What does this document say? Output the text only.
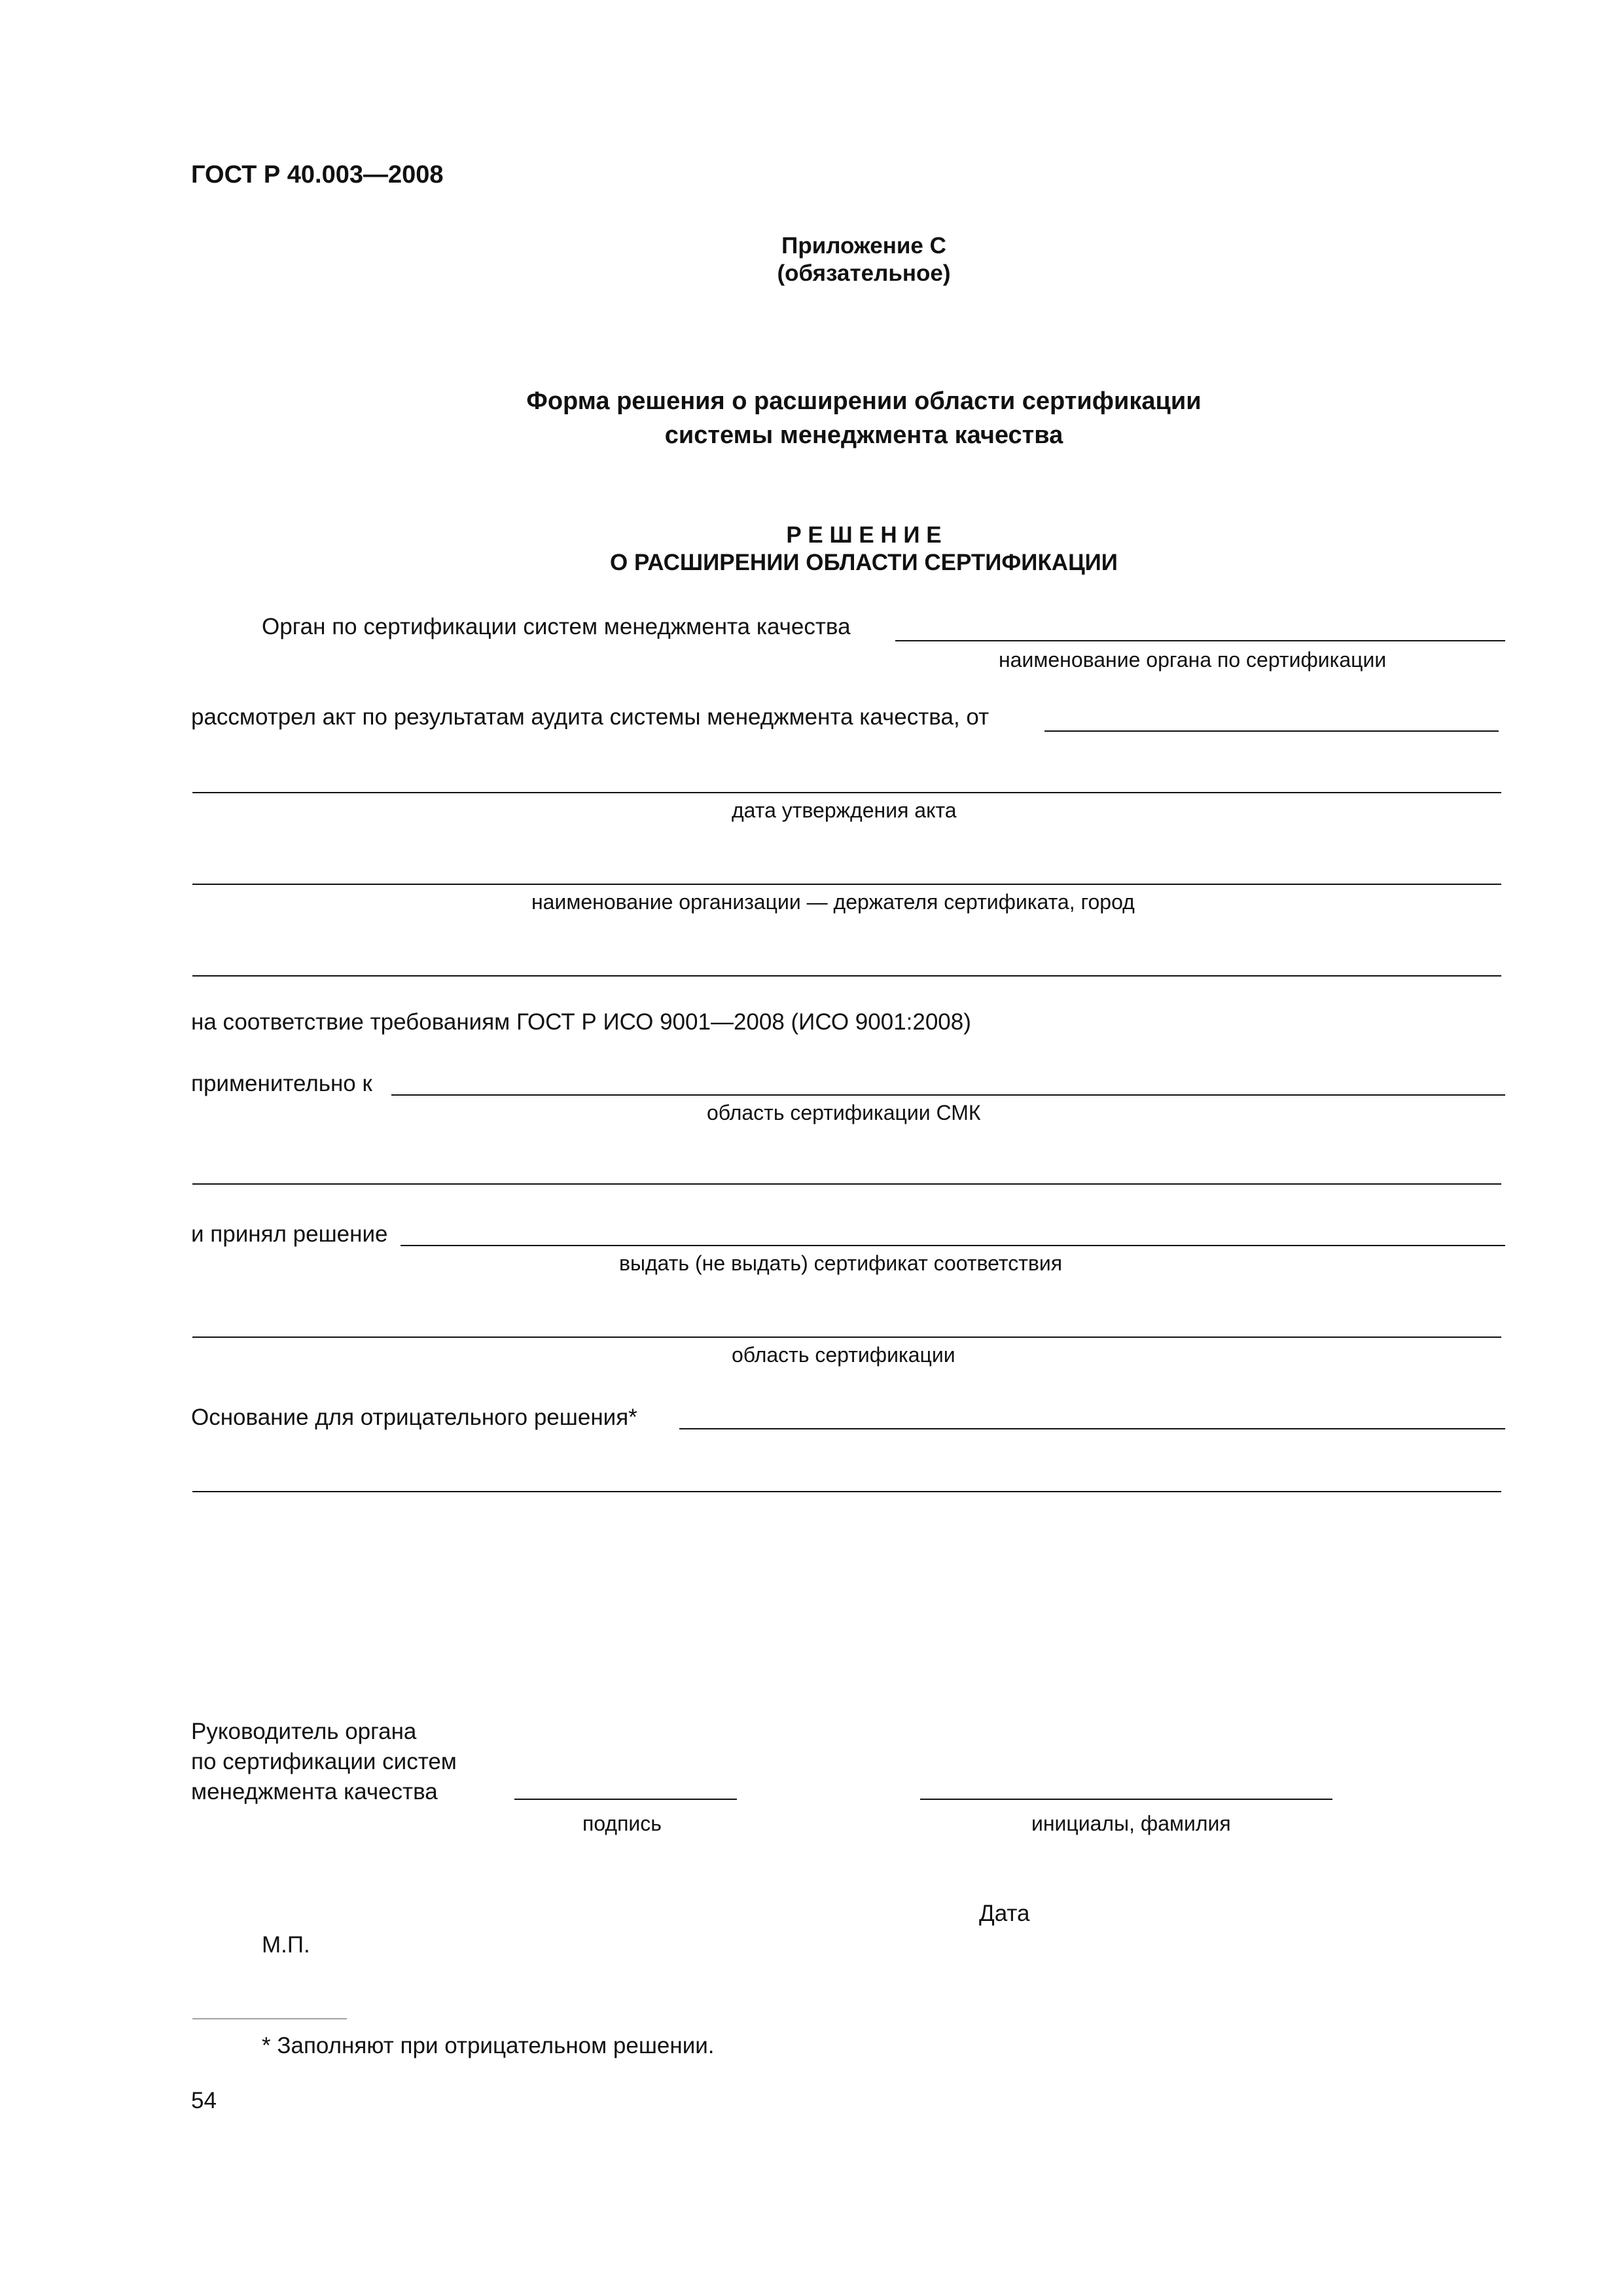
ГОСТ Р 40.003—2008
Приложение С
(обязательное)
Форма решения о расширении области сертификации
системы менеджмента качества
Р Е Ш Е Н И Е
О РАСШИРЕНИИ ОБЛАСТИ СЕРТИФИКАЦИИ
Орган по сертификации систем менеджмента качества
наименование органа по сертификации
рассмотрел акт по результатам аудита системы менеджмента качества, от
дата утверждения акта
наименование организации — держателя сертификата, город
на соответствие требованиям ГОСТ Р ИСО 9001—2008 (ИСО 9001:2008)
применительно к
область сертификации СМК
и принял решение
выдать (не выдать) сертификат соответствия
область сертификации
Основание для отрицательного решения*
Руководитель органа
по сертификации систем
менеджмента качества
подпись	инициалы, фамилия
Дата
М.П.
* Заполняют при отрицательном решении.
54
